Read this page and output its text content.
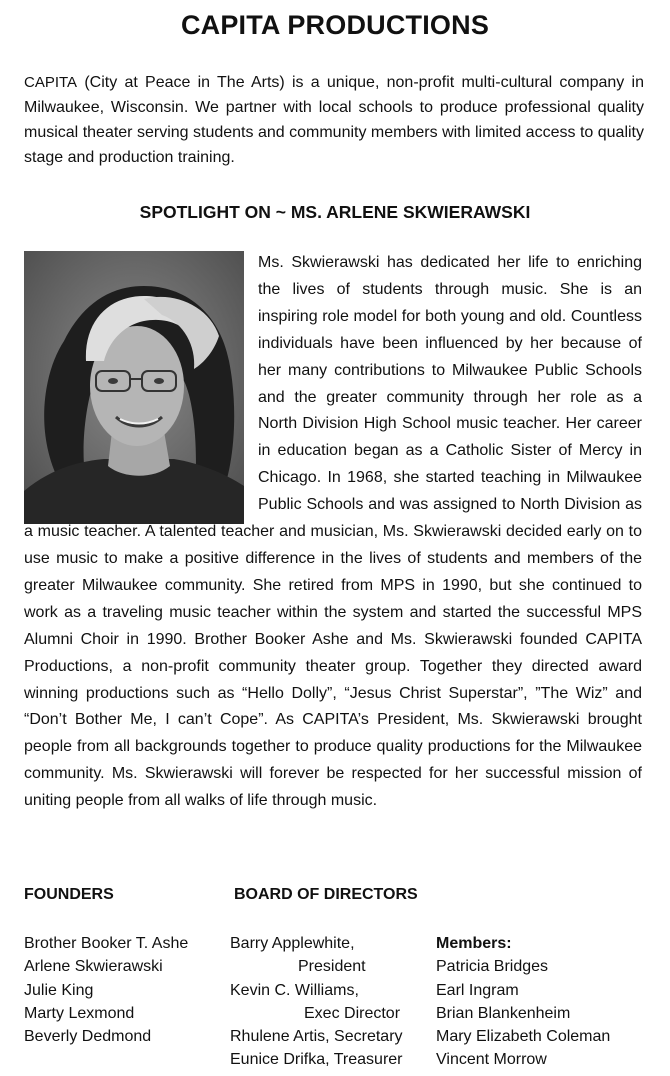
CAPITA PRODUCTIONS
CAPITA (City at Peace in The Arts) is a unique, non-profit multi-cultural company in Milwaukee, Wisconsin. We partner with local schools to produce professional quality musical theater serving students and community members with limited access to quality stage and production training.
SPOTLIGHT ON ~ MS. ARLENE SKWIERAWSKI
Ms. Skwierawski has dedicated her life to enriching the lives of students through music. She is an inspiring role model for both young and old. Countless individuals have been influenced by her because of her many contributions to Milwaukee Public Schools and the greater community through her role as a North Division High School music teacher. Her career in education began as a Catholic Sister of Mercy in Chicago. In 1968, she started teaching in Milwaukee Public Schools and was assigned to North Division as a music teacher. A talented teacher and musician, Ms. Skwierawski decided early on to use music to make a positive difference in the lives of students and members of the greater Milwaukee community. She retired from MPS in 1990, but she continued to work as a traveling music teacher within the system and started the successful MPS Alumni Choir in 1990. Brother Booker Ashe and Ms. Skwierawski founded CAPITA Productions, a non-profit community theater group. Together they directed award winning productions such as “Hello Dolly”, “Jesus Christ Superstar”, ”The Wiz” and “Don’t Bother Me, I can’t Cope”. As CAPITA’s President, Ms. Skwierawski brought people from all backgrounds together to produce quality productions for the Milwaukee community. Ms. Skwierawski will forever be respected for her successful mission of uniting people from all walks of life through music.
FOUNDERS	BOARD OF DIRECTORS
Brother Booker T. Ashe
Arlene Skwierawski
Julie King
Marty Lexmond
Beverly Dedmond
Barry Applewhite,
President
Kevin C. Williams,
Exec Director
Rhulene Artis, Secretary
Eunice Drifka, Treasurer
Members:
Patricia Bridges
Earl Ingram
Brian Blankenheim
Mary Elizabeth Coleman
Vincent Morrow
